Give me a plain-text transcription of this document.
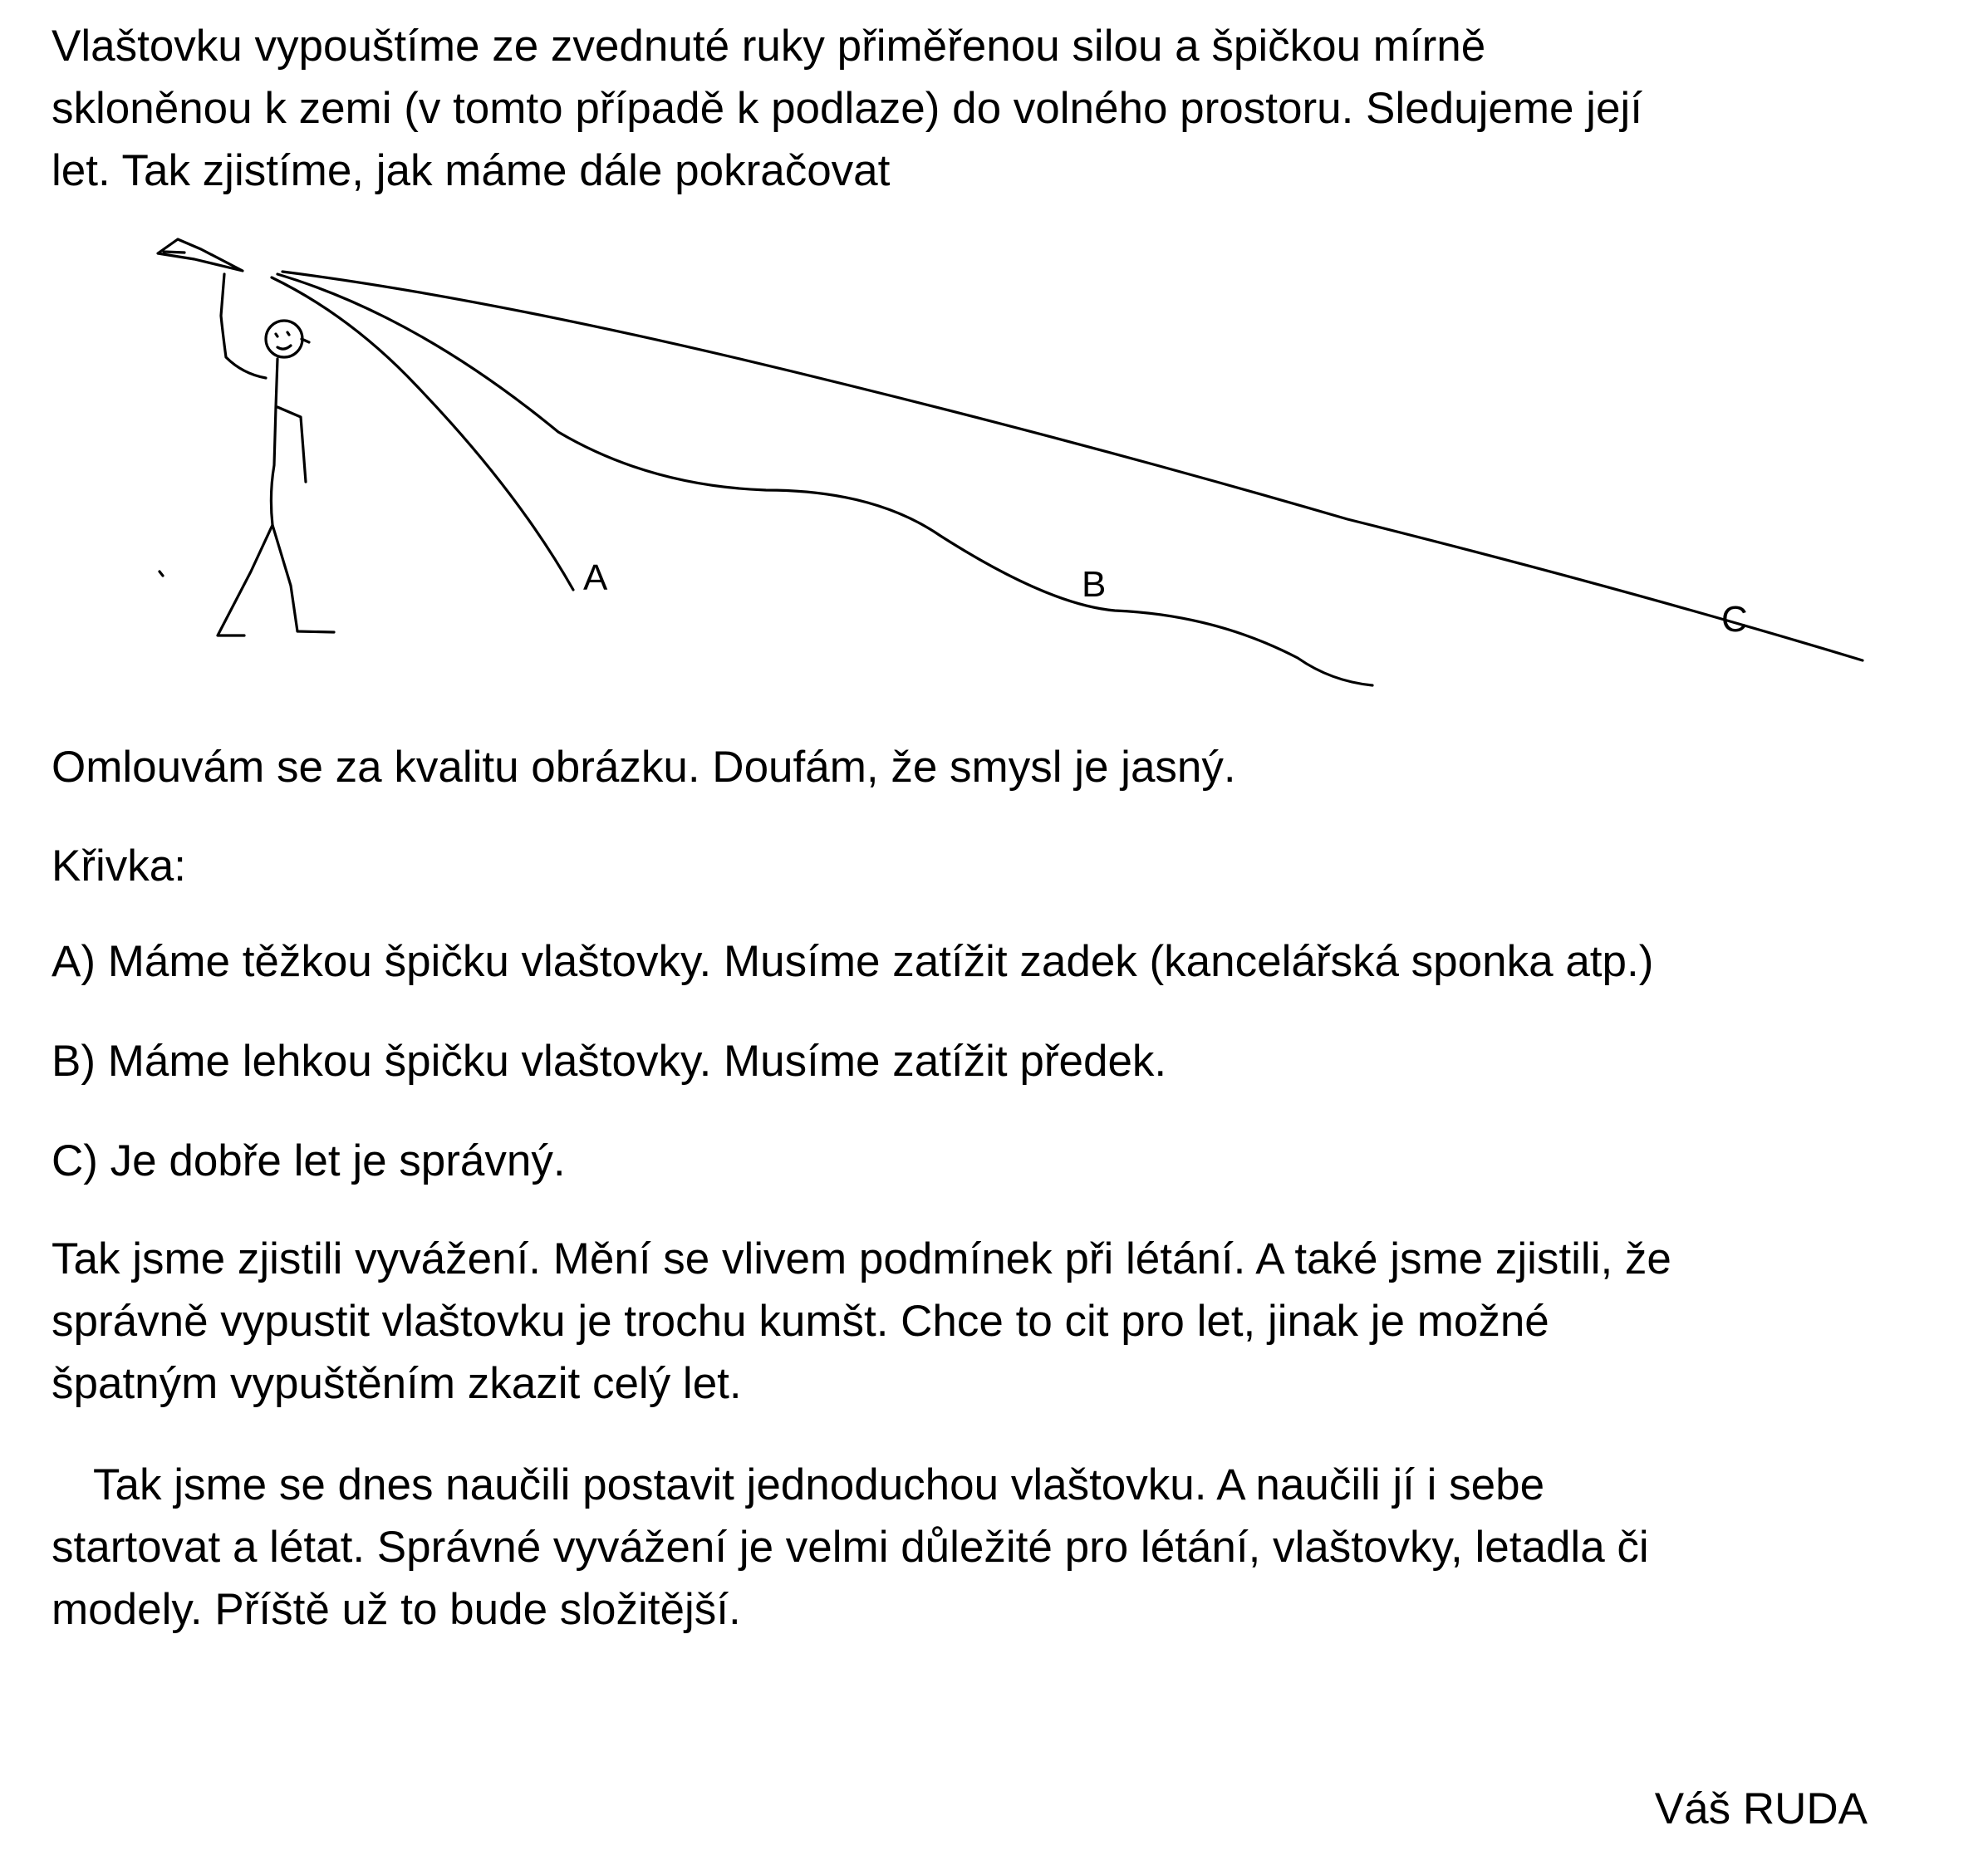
Vlaštovku vypouštíme ze zvednuté ruky přiměřenou silou a špičkou mírně
skloněnou k zemi (v tomto případě k podlaze) do volného prostoru. Sledujeme její
let. Tak zjistíme, jak máme dále pokračovat

A	B
C

Omlouvám se za kvalitu obrázku. Doufám, že smysl je jasný.

Křivka:

A) Máme těžkou špičku vlaštovky. Musíme zatížit zadek (kancelářská sponka atp.)

B) Máme lehkou špičku vlaštovky. Musíme zatížit předek.

C) Je dobře let je správný.

Tak jsme zjistili vyvážení. Mění se vlivem podmínek při létání. A také jsme zjistili, že
správně vypustit vlaštovku je trochu kumšt. Chce to cit pro let, jinak je možné
špatným vypuštěním zkazit celý let.

Tak jsme se dnes naučili postavit jednoduchou vlaštovku. A naučili jí i sebe
startovat a létat. Správné vyvážení je velmi důležité pro létání, vlaštovky, letadla či
modely. Příště už to bude složitější.

Váš RUDA
